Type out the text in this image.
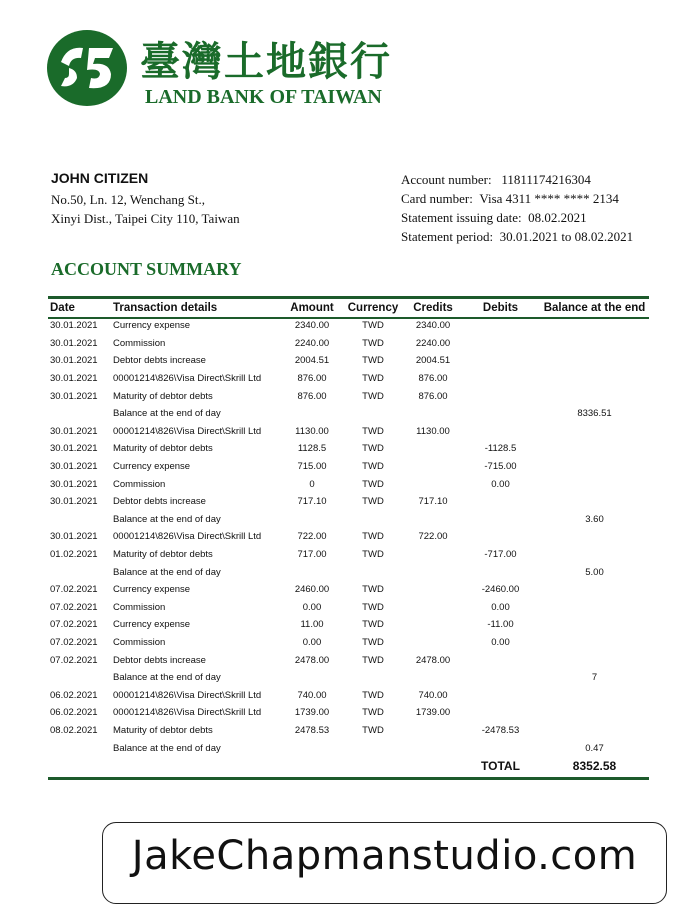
臺灣土地銀行
LAND BANK OF TAIWAN
JOHN CITIZEN
No.50, Ln. 12, Wenchang St.,
Xinyi Dist., Taipei City 110, Taiwan
Account number: 11811174216304
Card number: Visa 4311 **** **** 2134
Statement issuing date: 08.02.2021
Statement period: 30.01.2021 to 08.02.2021
ACCOUNT SUMMARY
Date	Transaction details	Amount	Currency	Credits	Debits	Balance at the end
30.01.2021	Currency expense	2340.00	TWD	2340.00		
30.01.2021	Commission	2240.00	TWD	2240.00		
30.01.2021	Debtor debts increase	2004.51	TWD	2004.51		
30.01.2021	00001214\826\Visa Direct\Skrill Ltd	876.00	TWD	876.00		
30.01.2021	Maturity of debtor debts	876.00	TWD	876.00		
	Balance at the end of day					8336.51
30.01.2021	00001214\826\Visa Direct\Skrill Ltd	1130.00	TWD	1130.00		
30.01.2021	Maturity of debtor debts	1128.5	TWD		-1128.5	
30.01.2021	Currency expense	715.00	TWD		-715.00	
30.01.2021	Commission	0	TWD		0.00	
30.01.2021	Debtor debts increase	717.10	TWD	717.10		
	Balance at the end of day					3.60
30.01.2021	00001214\826\Visa Direct\Skrill Ltd	722.00	TWD	722.00		
01.02.2021	Maturity of debtor debts	717.00	TWD		-717.00	
	Balance at the end of day					5.00
07.02.2021	Currency expense	2460.00	TWD		-2460.00	
07.02.2021	Commission	0.00	TWD		0.00	
07.02.2021	Currency expense	11.00	TWD		-11.00	
07.02.2021	Commission	0.00	TWD		0.00	
07.02.2021	Debtor debts increase	2478.00	TWD	2478.00		
	Balance at the end of day					7
06.02.2021	00001214\826\Visa Direct\Skrill Ltd	740.00	TWD	740.00		
06.02.2021	00001214\826\Visa Direct\Skrill Ltd	1739.00	TWD	1739.00		
08.02.2021	Maturity of debtor debts	2478.53	TWD		-2478.53	
	Balance at the end of day					0.47
					TOTAL	8352.58
JakeChapmanstudio.com
